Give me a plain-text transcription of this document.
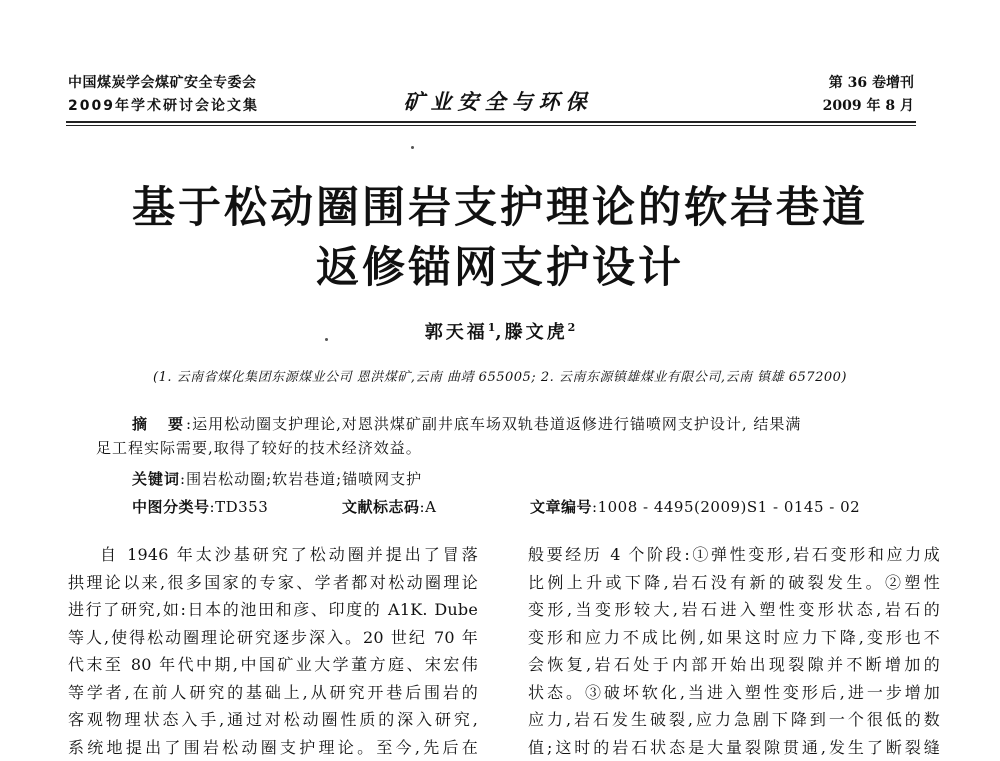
中国煤炭学会煤矿安全专委会
2009年学术研讨会论文集	矿业安全与环保
第 36 卷增刊
2009 年 8 月
基于松动圈围岩支护理论的软岩巷道
返修锚网支护设计
郭天福$^1$,滕文虎$^2$
(1. 云南省煤化集团东源煤业公司 恩洪煤矿,云南 曲靖 655005; 2. 云南东源镇雄煤业有限公司,云南 镇雄 657200)
摘　要:运用松动圈支护理论,对恩洪煤矿副井底车场双轨巷道返修进行锚喷网支护设计, 结果满
足工程实际需要,取得了较好的技术经济效益。
关键词:围岩松动圈;软岩巷道;锚喷网支护
中图分类号:TD353	文献标志码:A	文章编号:1008 - 4495(2009)S1 - 0145 - 02
自 1946 年太沙基研究了松动圈并提出了冒落
拱理论以来,很多国家的专家、学者都对松动圈理论
进行了研究,如:日本的池田和彦、印度的 A1K. Dube
等人,使得松动圈理论研究逐步深入。20 世纪 70 年
代末至 80 年代中期,中国矿业大学董方庭、宋宏伟
等学者,在前人研究的基础上,从研究开巷后围岩的
客观物理状态入手,通过对松动圈性质的深入研究,
系统地提出了围岩松动圈支护理论。至今,先后在
般要经历 4 个阶段:①弹性变形,岩石变形和应力成
比例上升或下降,岩石没有新的破裂发生。②塑性
变形,当变形较大,岩石进入塑性变形状态,岩石的
变形和应力不成比例,如果这时应力下降,变形也不
会恢复,岩石处于内部开始出现裂隙并不断增加的
状态。③破坏软化,当进入塑性变形后,进一步增加
应力,岩石发生破裂,应力急剧下降到一个很低的数
值;这时的岩石状态是大量裂隙贯通,发生了断裂缝
